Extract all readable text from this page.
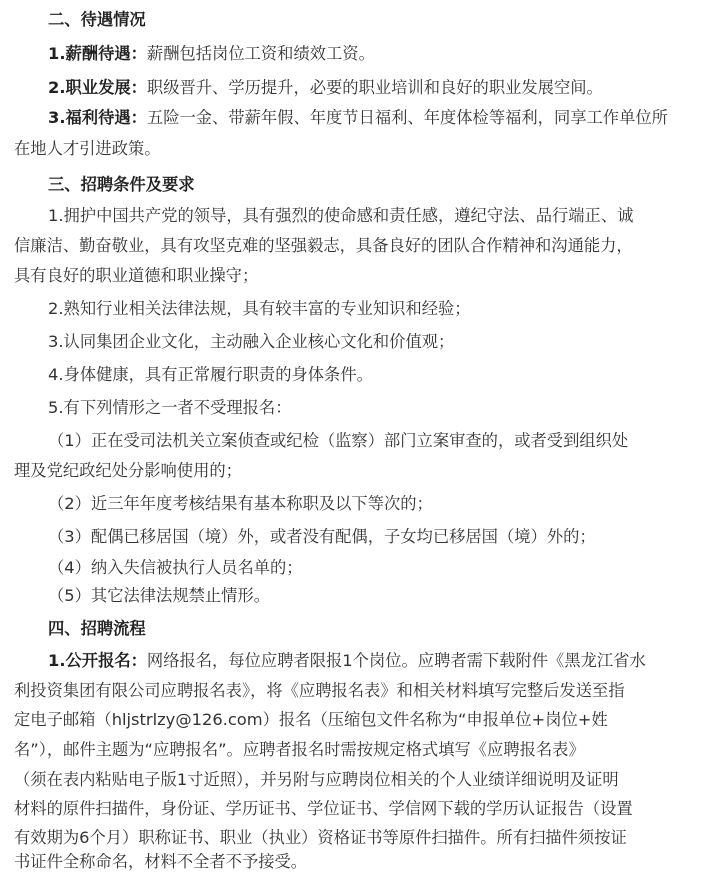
二、待遇情况
1.薪酬待遇：薪酬包括岗位工资和绩效工资。
2.职业发展：职级晋升、学历提升，必要的职业培训和良好的职业发展空间。
3.福利待遇：五险一金、带薪年假、年度节日福利、年度体检等福利，同享工作单位所
在地人才引进政策。
三、招聘条件及要求
1.拥护中国共产党的领导，具有强烈的使命感和责任感，遵纪守法、品行端正、诚
信廉洁、勤奋敬业，具有攻坚克难的坚强毅志，具备良好的团队合作精神和沟通能力，
具有良好的职业道德和职业操守；
2.熟知行业相关法律法规，具有较丰富的专业知识和经验；
3.认同集团企业文化，主动融入企业核心文化和价值观；
4.身体健康，具有正常履行职责的身体条件。
5.有下列情形之一者不受理报名：
（1）正在受司法机关立案侦查或纪检（监察）部门立案审查的，或者受到组织处
理及党纪政纪处分影响使用的；
（2）近三年年度考核结果有基本称职及以下等次的；
（3）配偶已移居国（境）外，或者没有配偶，子女均已移居国（境）外的；
（4）纳入失信被执行人员名单的；
（5）其它法律法规禁止情形。
四、招聘流程
1.公开报名：网络报名，每位应聘者限报1个岗位。应聘者需下载附件《黑龙江省水
利投资集团有限公司应聘报名表》，将《应聘报名表》和相关材料填写完整后发送至指
定电子邮箱（hljstrlzy@126.com）报名（压缩包文件名称为“申报单位+岗位+姓
名”），邮件主题为“应聘报名”。应聘者报名时需按规定格式填写《应聘报名表》
（须在表内粘贴电子版1寸近照），并另附与应聘岗位相关的个人业绩详细说明及证明
材料的原件扫描件，身份证、学历证书、学位证书、学信网下载的学历认证报告（设置
有效期为6个月）职称证书、职业（执业）资格证书等原件扫描件。所有扫描件须按证
书证件全称命名，材料不全者不予接受。
